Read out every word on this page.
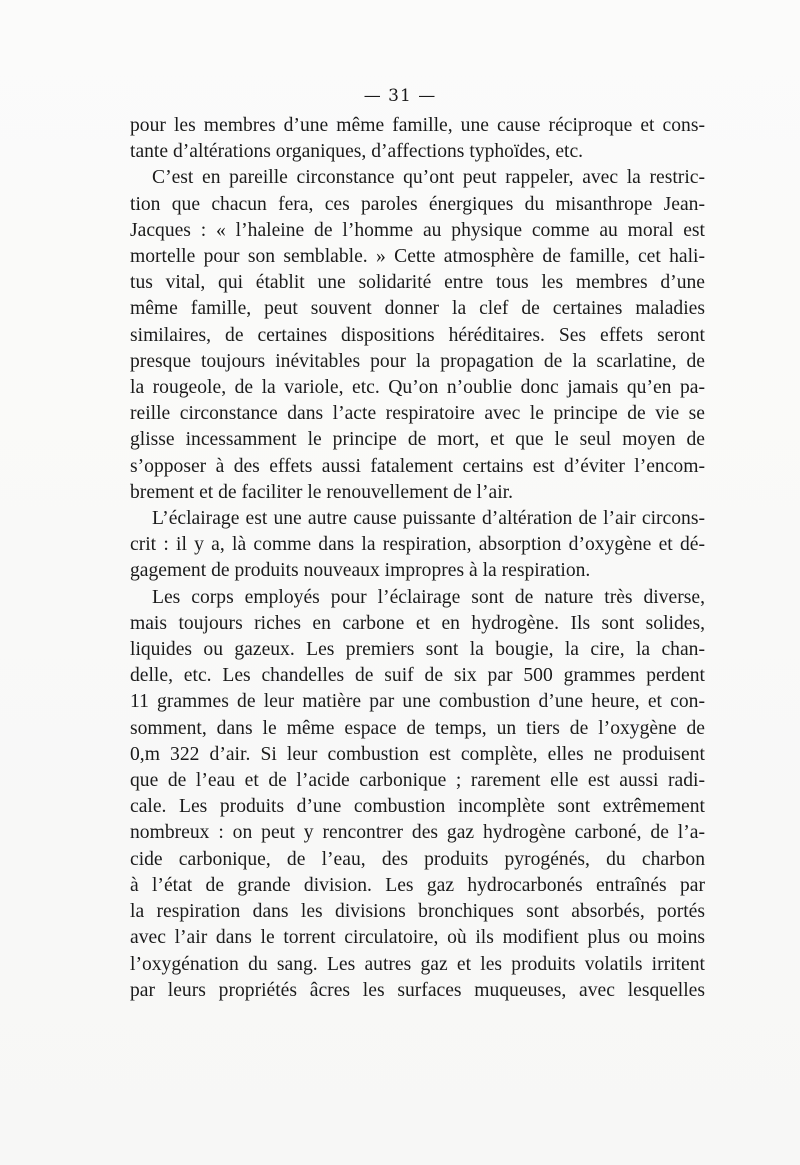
— 31 —

pour les membres d’une même famille, une cause réciproque et cons-
tante d’altérations organiques, d’affections typhoïdes, etc.

C’est en pareille circonstance qu’ont peut rappeler, avec la restric-
tion que chacun fera, ces paroles énergiques du misanthrope Jean-
Jacques : « l’haleine de l’homme au physique comme au moral est
mortelle pour son semblable. » Cette atmosphère de famille, cet hali-
tus vital, qui établit une solidarité entre tous les membres d’une
même famille, peut souvent donner la clef de certaines maladies
similaires, de certaines dispositions héréditaires. Ses effets seront
presque toujours inévitables pour la propagation de la scarlatine, de
la rougeole, de la variole, etc. Qu’on n’oublie donc jamais qu’en pa-
reille circonstance dans l’acte respiratoire avec le principe de vie se
glisse incessamment le principe de mort, et que le seul moyen de
s’opposer à des effets aussi fatalement certains est d’éviter l’encom-
brement et de faciliter le renouvellement de l’air.

L’éclairage est une autre cause puissante d’altération de l’air circons-
crit : il y a, là comme dans la respiration, absorption d’oxygène et dé-
gagement de produits nouveaux impropres à la respiration.

Les corps employés pour l’éclairage sont de nature très diverse,
mais toujours riches en carbone et en hydrogène. Ils sont solides,
liquides ou gazeux. Les premiers sont la bougie, la cire, la chan-
delle, etc. Les chandelles de suif de six par 500 grammes perdent
11 grammes de leur matière par une combustion d’une heure, et con-
somment, dans le même espace de temps, un tiers de l’oxygène de
0,m 322 d’air. Si leur combustion est complète, elles ne produisent
que de l’eau et de l’acide carbonique ; rarement elle est aussi radi-
cale. Les produits d’une combustion incomplète sont extrêmement
nombreux : on peut y rencontrer des gaz hydrogène carboné, de l’a-
cide carbonique, de l’eau, des produits pyrogénés, du charbon
à l’état de grande division. Les gaz hydrocarbonés entraînés par
la respiration dans les divisions bronchiques sont absorbés, portés
avec l’air dans le torrent circulatoire, où ils modifient plus ou moins
l’oxygénation du sang. Les autres gaz et les produits volatils irritent
par leurs propriétés âcres les surfaces muqueuses, avec lesquelles
